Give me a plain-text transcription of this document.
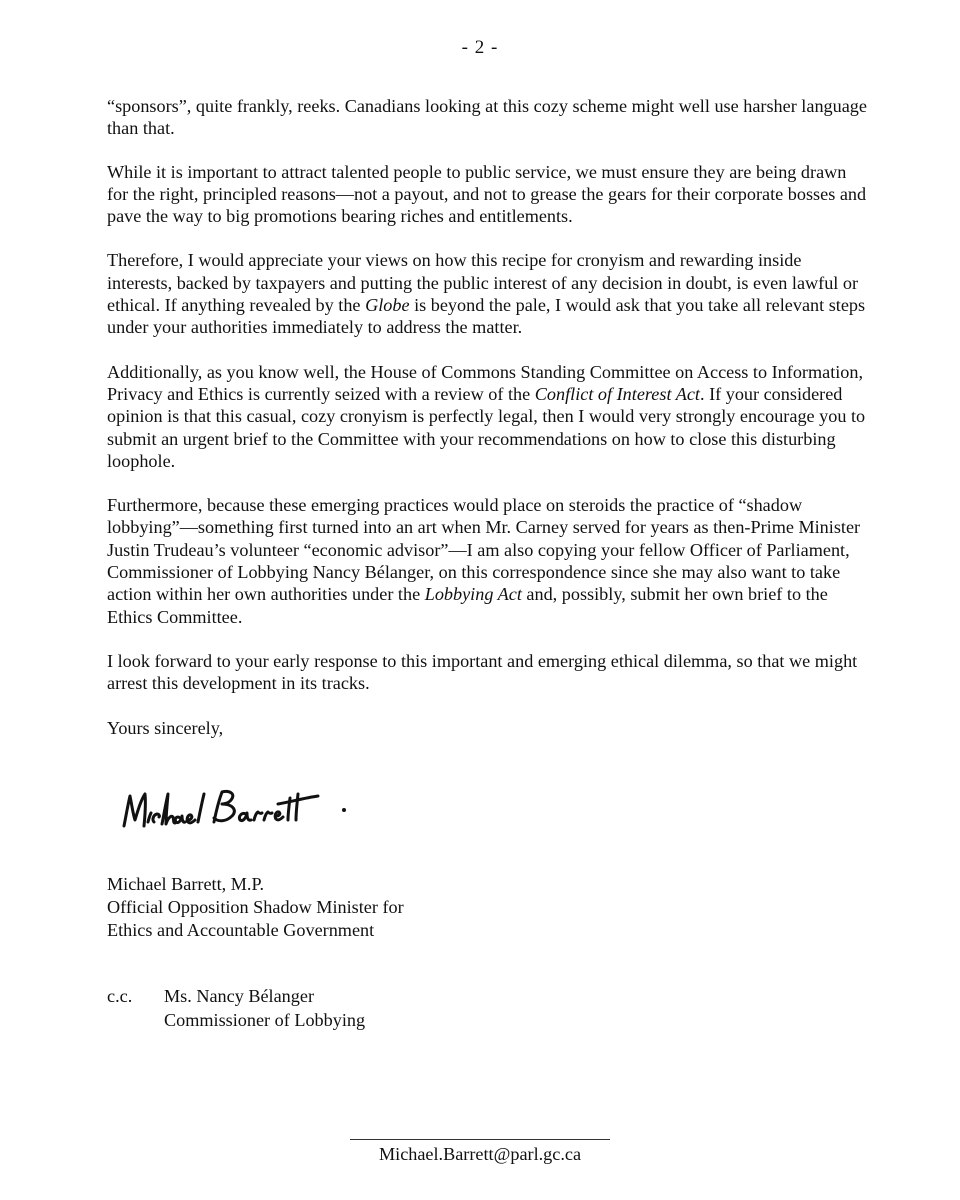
- 2 -

“sponsors”, quite frankly, reeks. Canadians looking at this cozy scheme might well use harsher language than that.

While it is important to attract talented people to public service, we must ensure they are being drawn for the right, principled reasons—not a payout, and not to grease the gears for their corporate bosses and pave the way to big promotions bearing riches and entitlements.

Therefore, I would appreciate your views on how this recipe for cronyism and rewarding inside interests, backed by taxpayers and putting the public interest of any decision in doubt, is even lawful or ethical. If anything revealed by the Globe is beyond the pale, I would ask that you take all relevant steps under your authorities immediately to address the matter.

Additionally, as you know well, the House of Commons Standing Committee on Access to Information, Privacy and Ethics is currently seized with a review of the Conflict of Interest Act. If your considered opinion is that this casual, cozy cronyism is perfectly legal, then I would very strongly encourage you to submit an urgent brief to the Committee with your recommendations on how to close this disturbing loophole.

Furthermore, because these emerging practices would place on steroids the practice of “shadow lobbying”—something first turned into an art when Mr. Carney served for years as then-Prime Minister Justin Trudeau’s volunteer “economic advisor”—I am also copying your fellow Officer of Parliament, Commissioner of Lobbying Nancy Bélanger, on this correspondence since she may also want to take action within her own authorities under the Lobbying Act and, possibly, submit her own brief to the Ethics Committee.

I look forward to your early response to this important and emerging ethical dilemma, so that we might arrest this development in its tracks.

Yours sincerely,

Michael Barrett, M.P.
Official Opposition Shadow Minister for
Ethics and Accountable Government
c.c.	Ms. Nancy Bélanger
Commissioner of Lobbying
Michael.Barrett@parl.gc.ca
